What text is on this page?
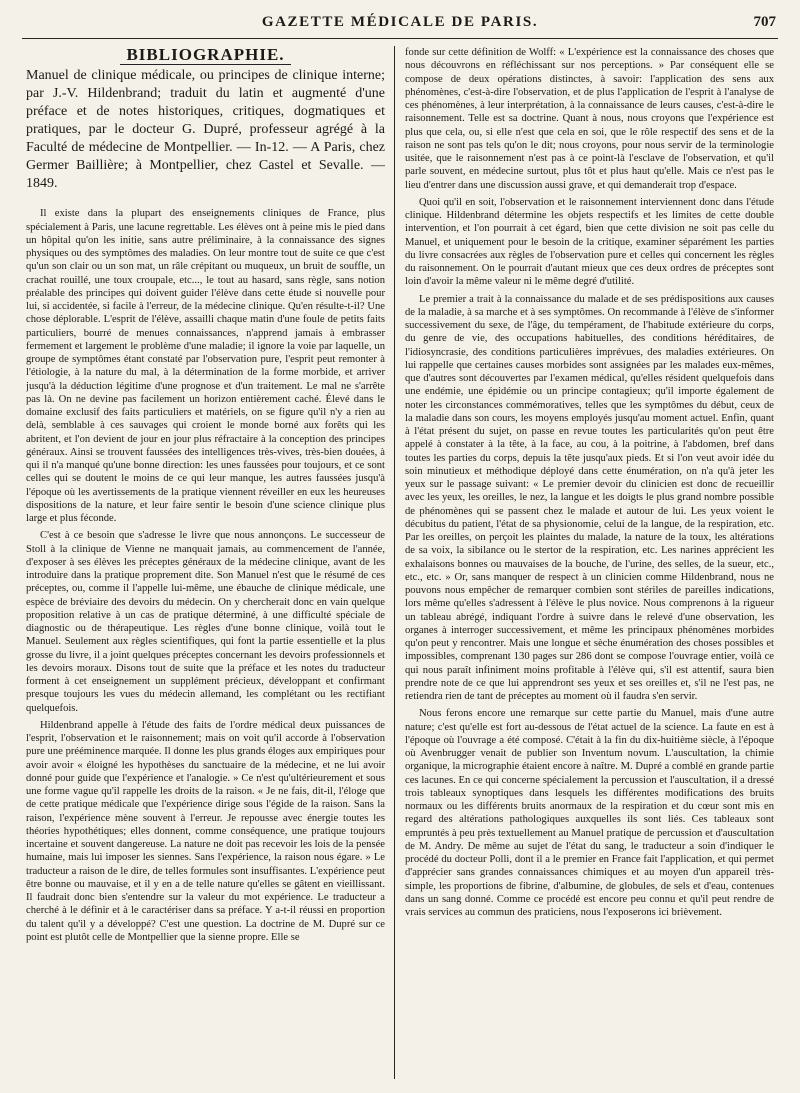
GAZETTE MÉDICALE DE PARIS.	707
BIBLIOGRAPHIE.
Manuel de clinique médicale, ou principes de clinique interne; par J.-V. Hildenbrand; traduit du latin et augmenté d'une préface et de notes historiques, critiques, dogmatiques et pratiques, par le docteur G. Dupré, professeur agrégé à la Faculté de médecine de Montpellier. — In-12. — A Paris, chez Germer Baillière; à Montpellier, chez Castel et Sevalle. — 1849.

Il existe dans la plupart des enseignements cliniques de France, plus spécialement à Paris, une lacune regrettable. Les élèves ont à peine mis le pied dans un hôpital qu'on les initie, sans autre préliminaire, à la connaissance des signes physiques ou des symptômes des maladies. On leur montre tout de suite ce que c'est qu'un son clair ou un son mat, un râle crépitant ou muqueux, un bruit de souffle, un crachat rouillé, une toux croupale, etc..., le tout au hasard, sans règle, sans notion préalable des principes qui doivent guider l'élève dans cette étude si nouvelle pour lui, si accidentée, si facile à l'erreur, de la médecine clinique. Qu'en résulte-t-il? Une chose déplorable. L'esprit de l'élève, assailli chaque matin d'une foule de petits faits particuliers, bourré de menues connaissances, n'apprend jamais à embrasser fermement et largement le problème d'une maladie; il ignore la voie par laquelle, un groupe de symptômes étant constaté par l'observation pure, l'esprit peut remonter à l'étiologie, à la nature du mal, à la détermination de la forme morbide, et arriver jusqu'à la déduction légitime d'une prognose et d'un traitement. Le mal ne s'arrête pas là. On ne devine pas facilement un horizon entièrement caché. Élevé dans le domaine exclusif des faits particuliers et matériels, on se figure qu'il n'y a rien au delà, semblable à ces sauvages qui croient le monde borné aux forêts qui les abritent, et l'on devient de jour en jour plus réfractaire à la conception des principes généraux. Ainsi se trouvent faussées des intelligences très-vives, très-bien douées, à qui il n'a manqué qu'une bonne direction: les unes faussées pour toujours, et ce sont celles qui se doutent le moins de ce qui leur manque, les autres faussées jusqu'à l'époque où les avertissements de la pratique viennent réveiller en eux les heureuses dispositions de la nature, et leur faire sentir le besoin d'une science clinique plus large et plus féconde.

C'est à ce besoin que s'adresse le livre que nous annonçons. Le successeur de Stoll à la clinique de Vienne ne manquait jamais, au commencement de l'année, d'exposer à ses élèves les préceptes généraux de la médecine clinique, avant de les introduire dans la pratique proprement dite. Son Manuel n'est que le résumé de ces préceptes, ou, comme il l'appelle lui-même, une ébauche de clinique médicale, une espèce de bréviaire des devoirs du médecin. On y chercherait donc en vain quelque proposition relative à un cas de pratique déterminé, à une difficulté spéciale de diagnostic ou de thérapeutique. Les règles d'une bonne clinique, voilà tout le Manuel. Seulement aux règles scientifiques, qui font la partie essentielle et la plus grosse du livre, il a joint quelques préceptes concernant les devoirs professionnels et les devoirs moraux. Disons tout de suite que la préface et les notes du traducteur forment à cet enseignement un supplément précieux, développant et confirmant presque toujours les vues du médecin allemand, les complétant ou les rectifiant quelquefois.

Hildenbrand appelle à l'étude des faits de l'ordre médical deux puissances de l'esprit, l'observation et le raisonnement; mais on voit qu'il accorde à l'observation pure une prééminence marquée. Il donne les plus grands éloges aux empiriques pour avoir avoir « éloigné les hypothèses du sanctuaire de la médecine, et ne lui avoir donné pour guide que l'expérience et l'analogie. » Ce n'est qu'ultérieurement et sous une forme vague qu'il rappelle les droits de la raison. « Je ne fais, dit-il, l'éloge que de cette pratique médicale que l'expérience dirige sous l'égide de la raison. Sans la raison, l'expérience mène souvent à l'erreur. Je repousse avec énergie toutes les théories hypothétiques; elles donnent, comme conséquence, une pratique toujours incertaine et souvent dangereuse. La nature ne doit pas recevoir les lois de la pensée humaine, mais lui imposer les siennes. Sans l'expérience, la raison nous égare. » Le traducteur a raison de le dire, de telles formules sont insuffisantes. L'expérience peut être bonne ou mauvaise, et il y en a de telle nature qu'elles se gâtent en vieillissant. Il faudrait donc bien s'entendre sur la valeur du mot expérience. Le traducteur a cherché à le définir et à le caractériser dans sa préface. Y a-t-il réussi en proportion du talent qu'il y a développé? C'est une question. La doctrine de M. Dupré sur ce point est plutôt celle de Montpellier que la sienne propre. Elle se

fonde sur cette définition de Wolff: « L'expérience est la connaissance des choses que nous découvrons en réfléchissant sur nos perceptions. » Par conséquent elle se compose de deux opérations distinctes, à savoir: l'application des sens aux phénomènes, c'est-à-dire l'observation, et de plus l'application de l'esprit à l'analyse de ces phénomènes, à leur interprétation, à la connaissance de leurs causes, c'est-à-dire le raisonnement. Telle est sa doctrine. Quant à nous, nous croyons que l'expérience est plus que cela, ou, si elle n'est que cela en soi, que le rôle respectif des sens et de la raison ne sont pas tels qu'on le dit; nous croyons, pour nous servir de la terminologie usitée, que le raisonnement n'est pas à ce point-là l'esclave de l'observation, et qu'il parle souvent, en médecine surtout, plus tôt et plus haut qu'elle. Mais ce n'est pas le lieu d'entrer dans une discussion aussi grave, et qui demanderait trop d'espace.

Quoi qu'il en soit, l'observation et le raisonnement interviennent donc dans l'étude clinique. Hildenbrand détermine les objets respectifs et les limites de cette double intervention, et l'on pourrait à cet égard, bien que cette division ne soit pas celle du Manuel, et uniquement pour le besoin de la critique, examiner séparément les parties du livre consacrées aux règles de l'observation pure et celles qui concernent les règles du raisonnement. On le pourrait d'autant mieux que ces deux ordres de préceptes sont loin d'avoir la même valeur ni le même degré d'utilité.

Le premier a trait à la connaissance du malade et de ses prédispositions aux causes de la maladie, à sa marche et à ses symptômes. On recommande à l'élève de s'informer successivement du sexe, de l'âge, du tempérament, de l'habitude extérieure du corps, du genre de vie, des occupations habituelles, des conditions héréditaires, de l'idiosyncrasie, des conditions particulières imprévues, des maladies extérieures. On lui rappelle que certaines causes morbides sont assignées par les malades eux-mêmes, que d'autres sont découvertes par l'examen médical, qu'elles résident quelquefois dans une endémie, une épidémie ou un principe contagieux; qu'il importe également de noter les circonstances commémoratives, telles que les symptômes du début, ceux de la maladie dans son cours, les moyens employés jusqu'au moment actuel. Enfin, quant à l'état présent du sujet, on passe en revue toutes les particularités qu'on peut être appelé à constater à la tête, à la face, au cou, à la poitrine, à l'abdomen, bref dans toutes les parties du corps, depuis la tête jusqu'aux pieds. Et si l'on veut avoir idée du soin minutieux et méthodique déployé dans cette énumération, on n'a qu'à jeter les yeux sur le passage suivant: « Le premier devoir du clinicien est donc de recueillir avec les yeux, les oreilles, le nez, la langue et les doigts le plus grand nombre possible de phénomènes qui se passent chez le malade et autour de lui. Les yeux voient le décubitus du patient, l'état de sa physionomie, celui de la langue, de la respiration, etc. Par les oreilles, on perçoit les plaintes du malade, la nature de la toux, les altérations de sa voix, la sibilance ou le stertor de la respiration, etc. Les narines apprécient les exhalaisons bonnes ou mauvaises de la bouche, de l'urine, des selles, de la sueur, etc., etc., etc. » Or, sans manquer de respect à un clinicien comme Hildenbrand, nous ne pouvons nous empêcher de remarquer combien sont stériles de pareilles indications, lors même qu'elles s'adressent à l'élève le plus novice. Nous comprenons à la rigueur un tableau abrégé, indiquant l'ordre à suivre dans le relevé d'une observation, les organes à interroger successivement, et même les principaux phénomènes morbides qu'on peut y rencontrer. Mais une longue et sèche énumération des choses possibles et impossibles, comprenant 130 pages sur 286 dont se compose l'ouvrage entier, voilà ce qui nous paraît infiniment moins profitable à l'élève qui, s'il est attentif, saura bien prendre note de ce que lui apprendront ses yeux et ses oreilles et, s'il ne l'est pas, ne retiendra rien de tant de préceptes au moment où il faudra s'en servir.

Nous ferons encore une remarque sur cette partie du Manuel, mais d'une autre nature; c'est qu'elle est fort au-dessous de l'état actuel de la science. La faute en est à l'époque où l'ouvrage a été composé. C'était à la fin du dix-huitième siècle, à l'époque où Avenbrugger venait de publier son Inventum novum. L'auscultation, la chimie organique, la micrographie étaient encore à naître. M. Dupré a comblé en grande partie ces lacunes. En ce qui concerne spécialement la percussion et l'auscultation, il a dressé trois tableaux synoptiques dans lesquels les différentes modifications des bruits normaux ou les différents bruits anormaux de la respiration et du cœur sont mis en regard des altérations pathologiques auxquelles ils sont liés. Ces tableaux sont empruntés à peu près textuellement au Manuel pratique de percussion et d'auscultation de M. Andry. De même au sujet de l'état du sang, le traducteur a soin d'indiquer le procédé du docteur Polli, dont il a le premier en France fait l'application, et qui permet d'apprécier sans grandes connaissances chimiques et au moyen d'un appareil très-simple, les proportions de fibrine, d'albumine, de globules, de sels et d'eau, contenues dans un sang donné. Comme ce procédé est encore peu connu et qu'il peut rendre de vrais services au commun des praticiens, nous l'exposerons ici brièvement.
